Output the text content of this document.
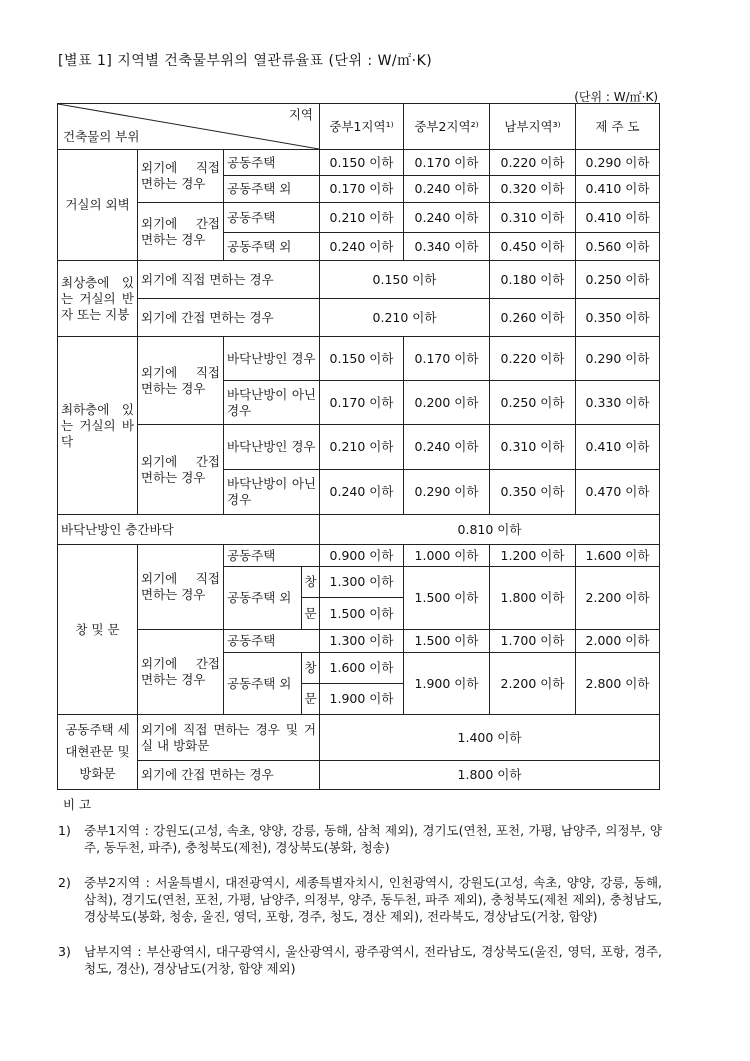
[별표 1] 지역별 건축물부위의 열관류율표 (단위 : W/㎡·K)
(단위 : W/㎡·K)
지역
건축물의 부위				중부1지역¹⁾	중부2지역²⁾	남부지역³⁾	제 주 도
거실의 외벽	외기에 직접 면하는 경우	공동주택		0.150 이하	0.170 이하	0.220 이하	0.290 이하
		공동주택 외		0.170 이하	0.240 이하	0.320 이하	0.410 이하
	외기에 간접 면하는 경우	공동주택		0.210 이하	0.240 이하	0.310 이하	0.410 이하
		공동주택 외		0.240 이하	0.340 이하	0.450 이하	0.560 이하
최상층에 있는 거실의 반자 또는 지붕	외기에 직접 면하는 경우			0.150 이하		0.180 이하	0.250 이하
	외기에 간접 면하는 경우			0.210 이하		0.260 이하	0.350 이하
최하층에 있는 거실의 바닥	외기에 직접 면하는 경우	바닥난방인 경우		0.150 이하	0.170 이하	0.220 이하	0.290 이하
		바닥난방이 아닌 경우		0.170 이하	0.200 이하	0.250 이하	0.330 이하
	외기에 간접 면하는 경우	바닥난방인 경우		0.210 이하	0.240 이하	0.310 이하	0.410 이하
		바닥난방이 아닌 경우		0.240 이하	0.290 이하	0.350 이하	0.470 이하
바닥난방인 층간바닥				0.810 이하			
창 및 문	외기에 직접 면하는 경우	공동주택		0.900 이하	1.000 이하	1.200 이하	1.600 이하
		공동주택 외	창	1.300 이하	1.500 이하	1.800 이하	2.200 이하
			문	1.500 이하			
	외기에 간접 면하는 경우	공동주택		1.300 이하	1.500 이하	1.700 이하	2.000 이하
		공동주택 외	창	1.600 이하	1.900 이하	2.200 이하	2.800 이하
			문	1.900 이하			
공동주택 세대현관문 및 방화문	외기에 직접 면하는 경우 및 거실 내 방화문			1.400 이하			
	외기에 간접 면하는 경우			1.800 이하			
비 고
1)	중부1지역 : 강원도(고성, 속초, 양양, 강릉, 동해, 삼척 제외), 경기도(연천, 포천, 가평, 남양주, 의정부, 양주, 동두천, 파주), 충청북도(제천), 경상북도(봉화, 청송)
2)	중부2지역 : 서울특별시, 대전광역시, 세종특별자치시, 인천광역시, 강원도(고성, 속초, 양양, 강릉, 동해, 삼척), 경기도(연천, 포천, 가평, 남양주, 의정부, 양주, 동두천, 파주 제외), 충청북도(제천 제외), 충청남도, 경상북도(봉화, 청송, 울진, 영덕, 포항, 경주, 청도, 경산 제외), 전라북도, 경상남도(거창, 함양)
3)	남부지역 : 부산광역시, 대구광역시, 울산광역시, 광주광역시, 전라남도, 경상북도(울진, 영덕, 포항, 경주, 청도, 경산), 경상남도(거창, 함양 제외)
